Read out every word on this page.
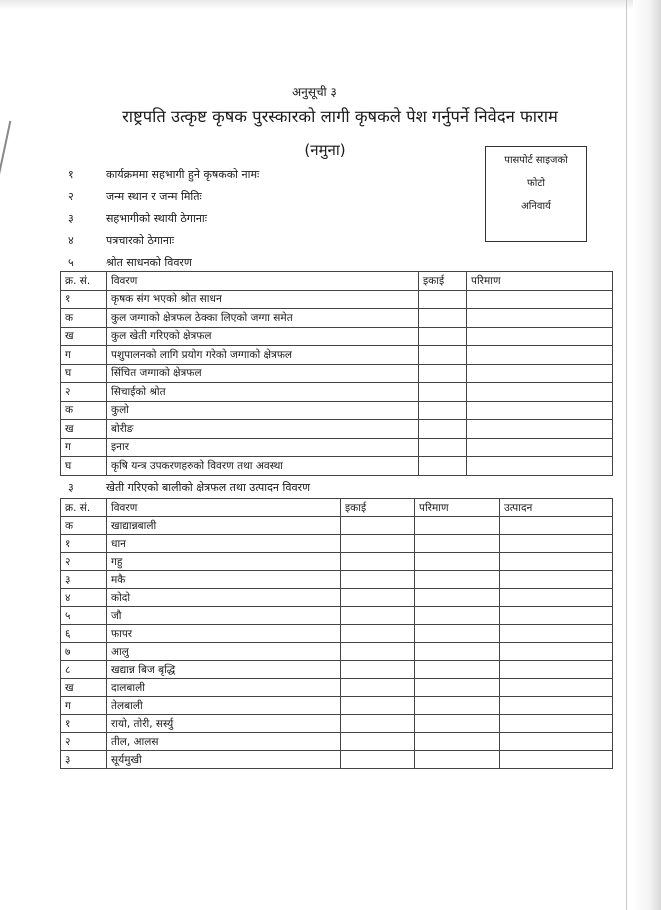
अनुसूची ३
राष्ट्रपति उत्कृष्ट कृषक पुरस्कारको लागी कृषकले पेश गर्नुपर्ने निवेदन फाराम
(नमुना)
पासपोर्ट साइजको
फोटो
अनिवार्य
१	कार्यक्रममा सहभागी हुने कृषकको नामः
२	जन्म स्थान र जन्म मितिः
३	सहभागीको स्थायी ठेगानाः
४	पत्रचारको ठेगानाः
५	श्रोत साधनको विवरण
क्र. सं.	विवरण	इकाई	परिमाण
१	कृषक संग भएको श्रोत साधन		
क	कुल जग्गाको क्षेत्रफल ठेक्का लिएको जग्गा समेत		
ख	कुल खेती गरिएको क्षेत्रफल		
ग	पशुपालनको लागि प्रयोग गरेको जग्गाको क्षेत्रफल		
घ	सिंचित जग्गाको क्षेत्रफल		
२	सिचाईको श्रोत		
क	कुलो		
ख	बोरीङ		
ग	इनार		
घ	कृषि यन्त्र उपकरणहरुको विवरण तथा अवस्था		
३	खेती गरिएको बालीको क्षेत्रफल तथा उत्पादन विवरण
क्र. सं.	विवरण	इकाई	परिमाण	उत्पादन
क	खाद्यान्नबाली			
१	धान			
२	गहु			
३	मकै			
४	कोदो			
५	जौ			
६	फापर			
७	आलु			
८	खद्यान्न बिज बृद्धि			
ख	दालबाली			
ग	तेलबाली			
१	रायो, तोरी, सर्स्यु			
२	तील, आलस			
३	सूर्यमुखी			
